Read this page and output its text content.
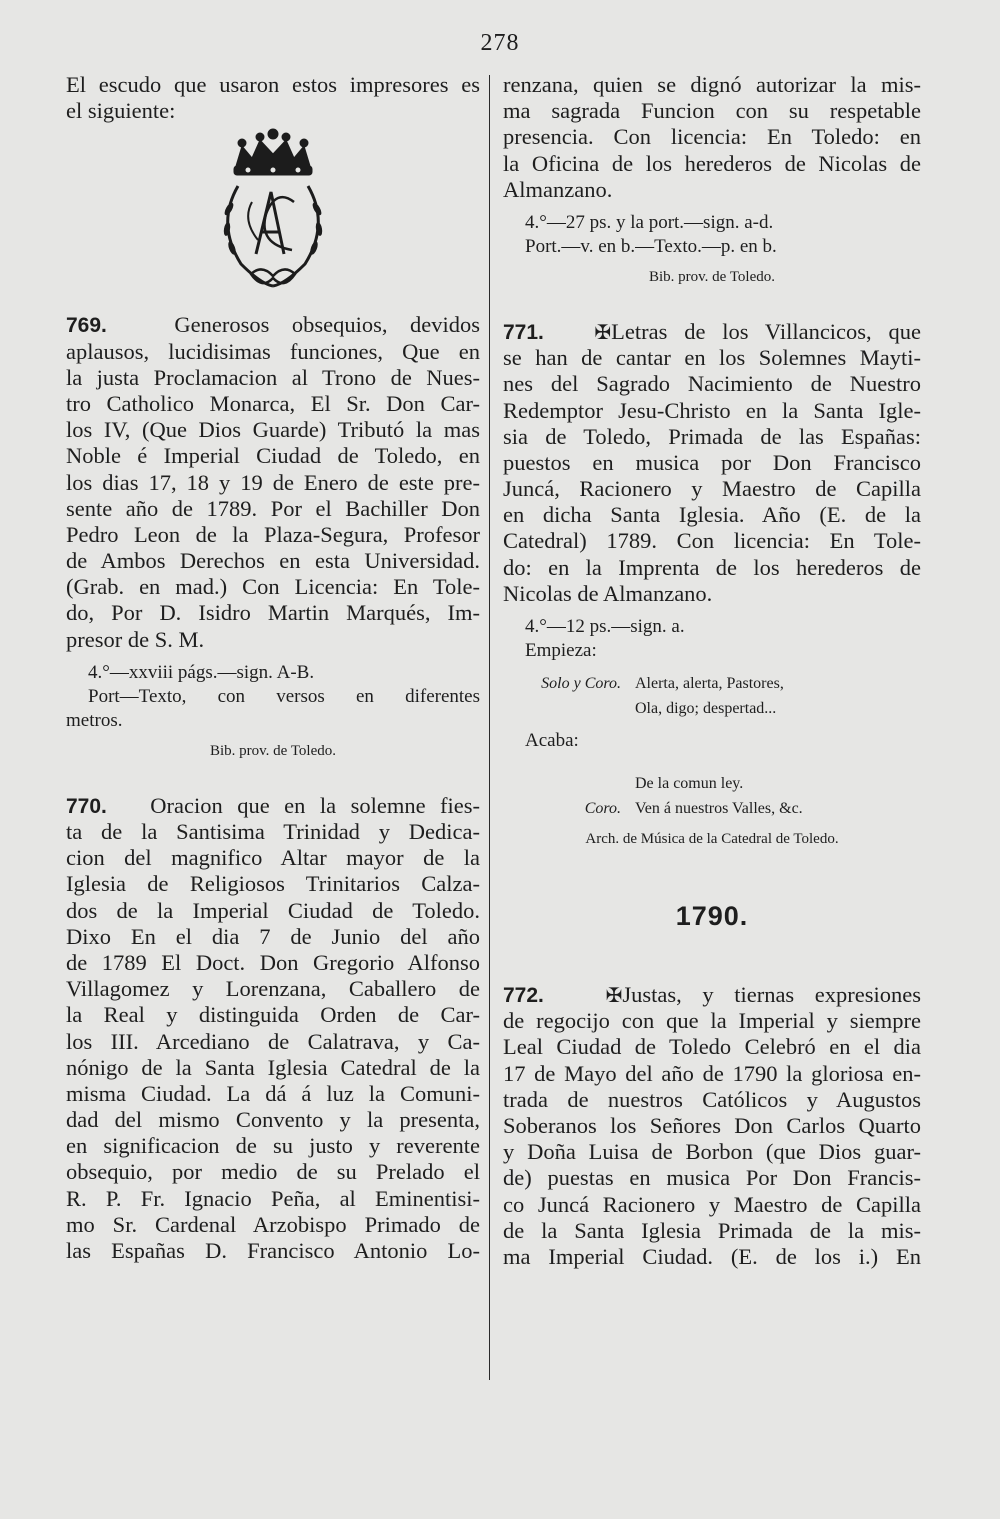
278
El escudo que usaron estos impresores es
el siguiente:
769.	Generosos obsequios, devidos
aplausos, lucidisimas funciones, Que en
la justa Proclamacion al Trono de Nues-
tro Catholico Monarca, El Sr. Don Car-
los IV, (Que Dios Guarde) Tributó la mas
Noble é Imperial Ciudad de Toledo, en
los dias 17, 18 y 19 de Enero de este pre-
sente año de 1789. Por el Bachiller Don
Pedro Leon de la Plaza-Segura, Profesor
de Ambos Derechos en esta Universidad.
(Grab. en mad.) Con Licencia: En Tole-
do, Por D. Isidro Martin Marqués, Im-
presor de S. M.
4.°—xxviii págs.—sign. A-B.
Port—Texto, con versos en diferentes
metros.
Bib. prov. de Toledo.
770. Oracion que en la solemne fies-
ta de la Santisima Trinidad y Dedica-
cion del magnifico Altar mayor de la
Iglesia de Religiosos Trinitarios Calza-
dos de la Imperial Ciudad de Toledo.
Dixo En el dia 7 de Junio del año
de 1789 El Doct. Don Gregorio Alfonso
Villagomez y Lorenzana, Caballero de
la Real y distinguida Orden de Car-
los III. Arcediano de Calatrava, y Ca-
nónigo de la Santa Iglesia Catedral de la
misma Ciudad. La dá á luz la Comuni-
dad del mismo Convento y la presenta,
en significacion de su justo y reverente
obsequio, por medio de su Prelado el
R. P. Fr. Ignacio Peña, al Eminentisi-
mo Sr. Cardenal Arzobispo Primado de
las Españas D. Francisco Antonio Lo-
renzana, quien se dignó autorizar la mis-
ma sagrada Funcion con su respetable
presencia. Con licencia: En Toledo: en
la Oficina de los herederos de Nicolas de
Almanzano.
4.°—27 ps. y la port.—sign. a-d.
Port.—v. en b.—Texto.—p. en b.
Bib. prov. de Toledo.
771.	✠Letras de los Villancicos, que
se han de cantar en los Solemnes Mayti-
nes del Sagrado Nacimiento de Nuestro
Redemptor Jesu-Christo en la Santa Igle-
sia de Toledo, Primada de las Españas:
puestos en musica por Don Francisco
Juncá, Racionero y Maestro de Capilla
en dicha Santa Iglesia. Año (E. de la
Catedral) 1789. Con licencia: En Tole-
do: en la Imprenta de los herederos de
Nicolas de Almanzano.
4.°—12 ps.—sign. a.
Empieza:
Solo y Coro. Alerta, alerta, Pastores,
Ola, digo; despertad...
Acaba:
De la comun ley.
Coro. Ven á nuestros Valles, &c.
Arch. de Música de la Catedral de Toledo.
1790.
772.	✠Justas, y tiernas expresiones
de regocijo con que la Imperial y siempre
Leal Ciudad de Toledo Celebró en el dia
17 de Mayo del año de 1790 la gloriosa en-
trada de nuestros Católicos y Augustos
Soberanos los Señores Don Carlos Quarto
y Doña Luisa de Borbon (que Dios guar-
de) puestas en musica Por Don Francis-
co Juncá Racionero y Maestro de Capilla
de la Santa Iglesia Primada de la mis-
ma Imperial Ciudad. (E. de los i.) En
